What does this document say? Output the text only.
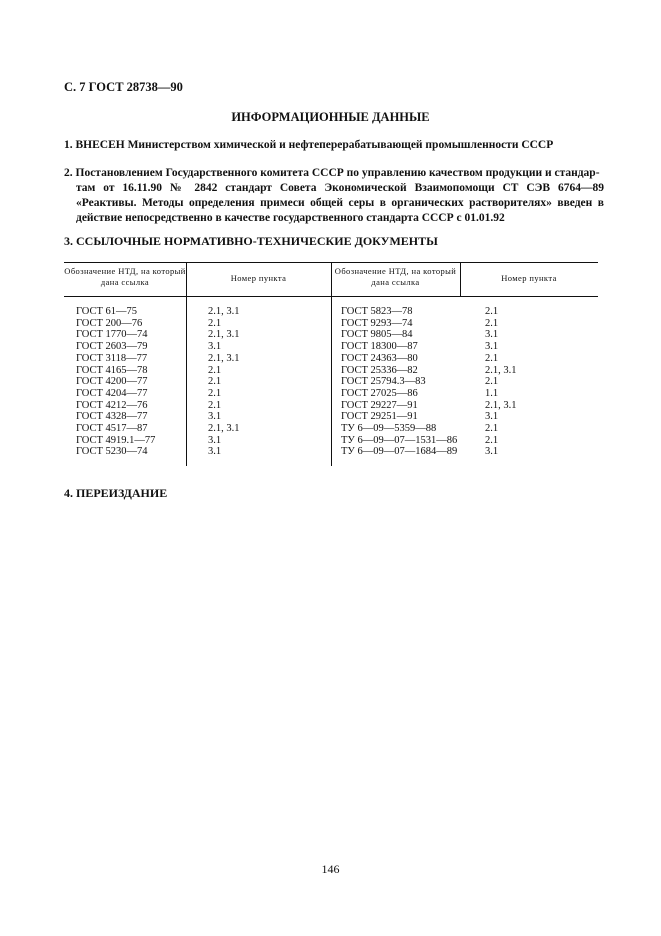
С. 7 ГОСТ 28738—90
ИНФОРМАЦИОННЫЕ ДАННЫЕ
1. ВНЕСЕН Министерством химической и нефтеперерабатывающей промышленности СССР
2. Постановлением Государственного комитета СССР по управлению качеством продукции и стандар-
там от 16.11.90 № 2842 стандарт Совета Экономической Взаимопомощи СТ СЭВ 6764—89 «Реактивы. Методы определения примеси общей серы в органических растворителях» введен в действие непосредственно в качестве государственного стандарта СССР с 01.01.92
3. ССЫЛОЧНЫЕ НОРМАТИВНО-ТЕХНИЧЕСКИЕ ДОКУМЕНТЫ
Обозначение НТД, на который дана ссылка	Номер пункта
Обозначение НТД, на который дана ссылка	Номер пункта
ГОСТ 61—75
ГОСТ 200—76
ГОСТ 1770—74
ГОСТ 2603—79
ГОСТ 3118—77
ГОСТ 4165—78
ГОСТ 4200—77
ГОСТ 4204—77
ГОСТ 4212—76
ГОСТ 4328—77
ГОСТ 4517—87
ГОСТ 4919.1—77
ГОСТ 5230—74
2.1, 3.1
2.1
2.1, 3.1
3.1
2.1, 3.1
2.1
2.1
2.1
2.1
3.1
2.1, 3.1
3.1
3.1
ГОСТ 5823—78
ГОСТ 9293—74
ГОСТ 9805—84
ГОСТ 18300—87
ГОСТ 24363—80
ГОСТ 25336—82
ГОСТ 25794.3—83
ГОСТ 27025—86
ГОСТ 29227—91
ГОСТ 29251—91
ТУ 6—09—5359—88
ТУ 6—09—07—1531—86
ТУ 6—09—07—1684—89
2.1
2.1
3.1
3.1
2.1
2.1, 3.1
2.1
1.1
2.1, 3.1
3.1
2.1
2.1
3.1
4. ПЕРЕИЗДАНИЕ
146
